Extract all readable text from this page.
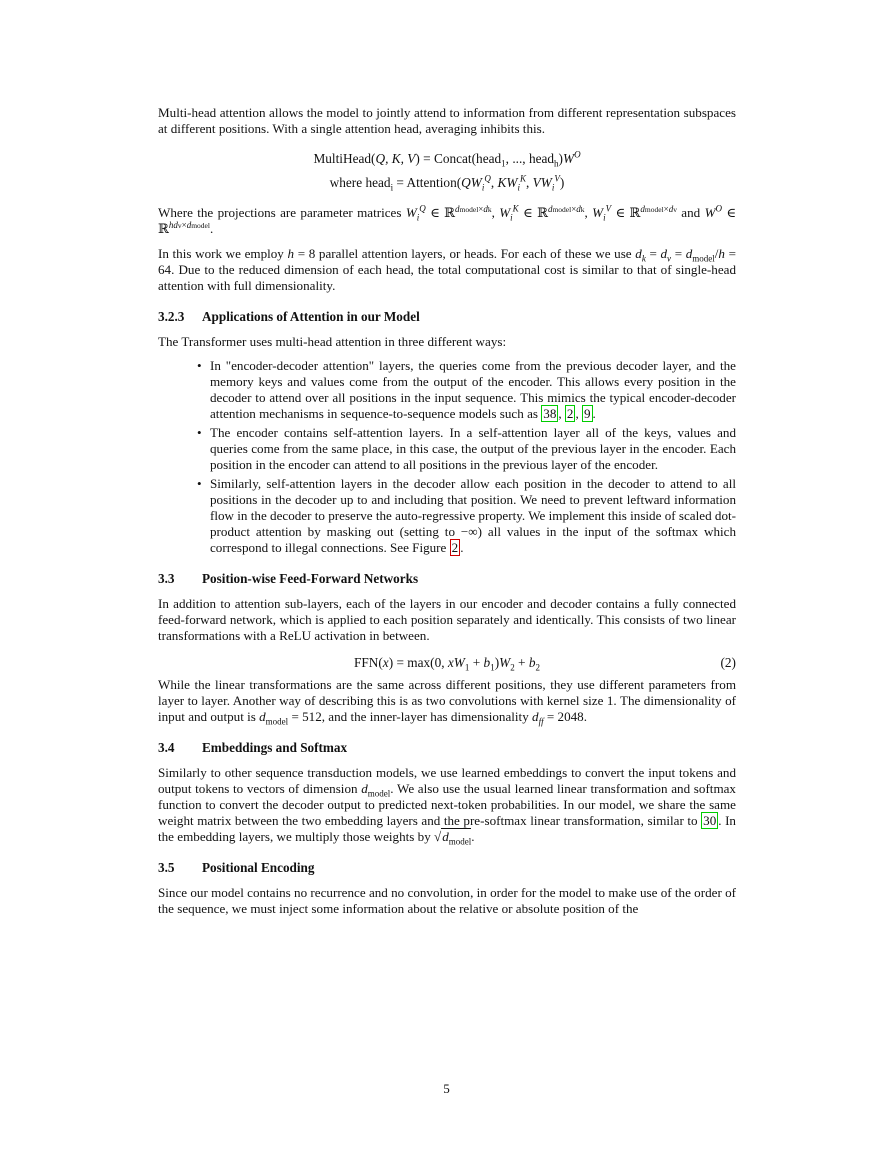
Multi-head attention allows the model to jointly attend to information from different representation subspaces at different positions. With a single attention head, averaging inhibits this.

MultiHead(Q, K, V) = Concat(head$_1$, ..., $head_h)W^O$
where head$_i$ = $Attention(QW_i^Q$, $KW_i^K$, $VW_i^V$)

Where the projections are parameter matrices $W_i^Q$ ∈ ℝ$^{dmodel\times dk}$, $W_i^K$ ∈ ℝ$^{dmodel\times dk}$, $W_i^V$ ∈ ℝ$^{dmodel\times dv}$ and $W^O$ ∈ ℝ$^{hdv\times dmodel}$.

In this work we employ h = 8 parallel attention layers, or heads. For each of these we use $d_k = d_v = d_{model}/h = 64$. Due to the reduced dimension of each head, the total computational cost is similar to that of single-head attention with full dimensionality.

3.2.3 Applications of Attention in our Model

The Transformer uses multi-head attention in three different ways:

• In "encoder-decoder attention" layers, the queries come from the previous decoder layer, and the memory keys and values come from the output of the encoder. This allows every position in the decoder to attend over all positions in the input sequence. This mimics the typical encoder-decoder attention mechanisms in sequence-to-sequence models such as 38 , 2 , 9 .
• The encoder contains self-attention layers. In a self-attention layer all of the keys, values and queries come from the same place, in this case, the output of the previous layer in the encoder. Each position in the encoder can attend to all positions in the previous layer of the encoder.
• Similarly, self-attention layers in the decoder allow each position in the decoder to attend to all positions in the decoder up to and including that position. We need to prevent leftward information flow in the decoder to preserve the auto-regressive property. We implement this inside of scaled dot-product attention by masking out (setting to −∞) all values in the input of the softmax which correspond to illegal connections. See Figure 2 .
3.3 Position-wise Feed-Forward Networks

In addition to attention sub-layers, each of the layers in our encoder and decoder contains a fully connected feed-forward network, which is applied to each position separately and identically. This consists of two linear transformations with a ReLU activation in between.

FFN(x) = max(0, $xW_1 + b_1)W_2 + b_2$	(2)

While the linear transformations are the same across different positions, they use different parameters from layer to layer. Another way of describing this is as two convolutions with kernel size 1. The dimensionality of input and output is $d_{model} = 512$, and the inner-layer has dimensionality $d_{ff} = 2048$.

3.4 Embeddings and Softmax

Similarly to other sequence transduction models, we use learned embeddings to convert the input tokens and output tokens to vectors of dimension $d_{model}$. We also use the usual learned linear transformation and softmax function to convert the decoder output to predicted next-token probabilities. In our model, we share the same weight matrix between the two embedding layers and the pre-softmax linear transformation, similar to 30 . In the embedding layers, we multiply those weights by $√d_{model}$.

3.5 Positional Encoding

Since our model contains no recurrence and no convolution, in order for the model to make use of the order of the sequence, we must inject some information about the relative or absolute position of the

5
